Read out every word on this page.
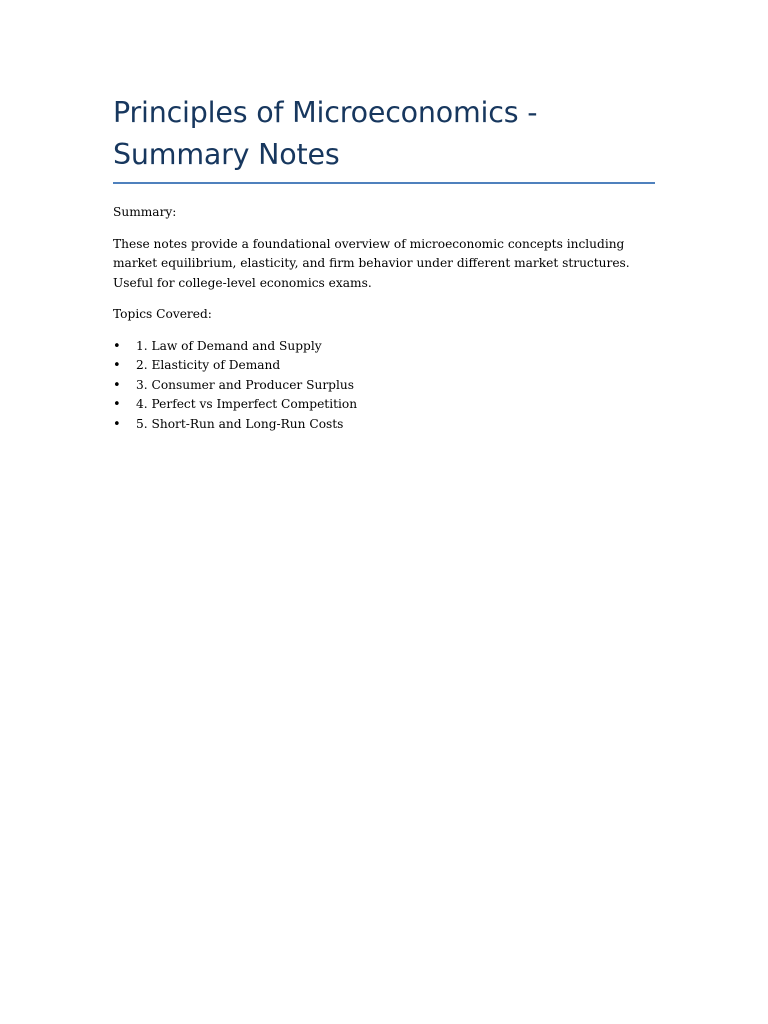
Principles of Microeconomics - Summary Notes

Summary:

These notes provide a foundational overview of microeconomic concepts including market equilibrium, elasticity, and firm behavior under different market structures. Useful for college-level economics exams.

Topics Covered:

• 1. Law of Demand and Supply
• 2. Elasticity of Demand
• 3. Consumer and Producer Surplus
• 4. Perfect vs Imperfect Competition
• 5. Short-Run and Long-Run Costs
